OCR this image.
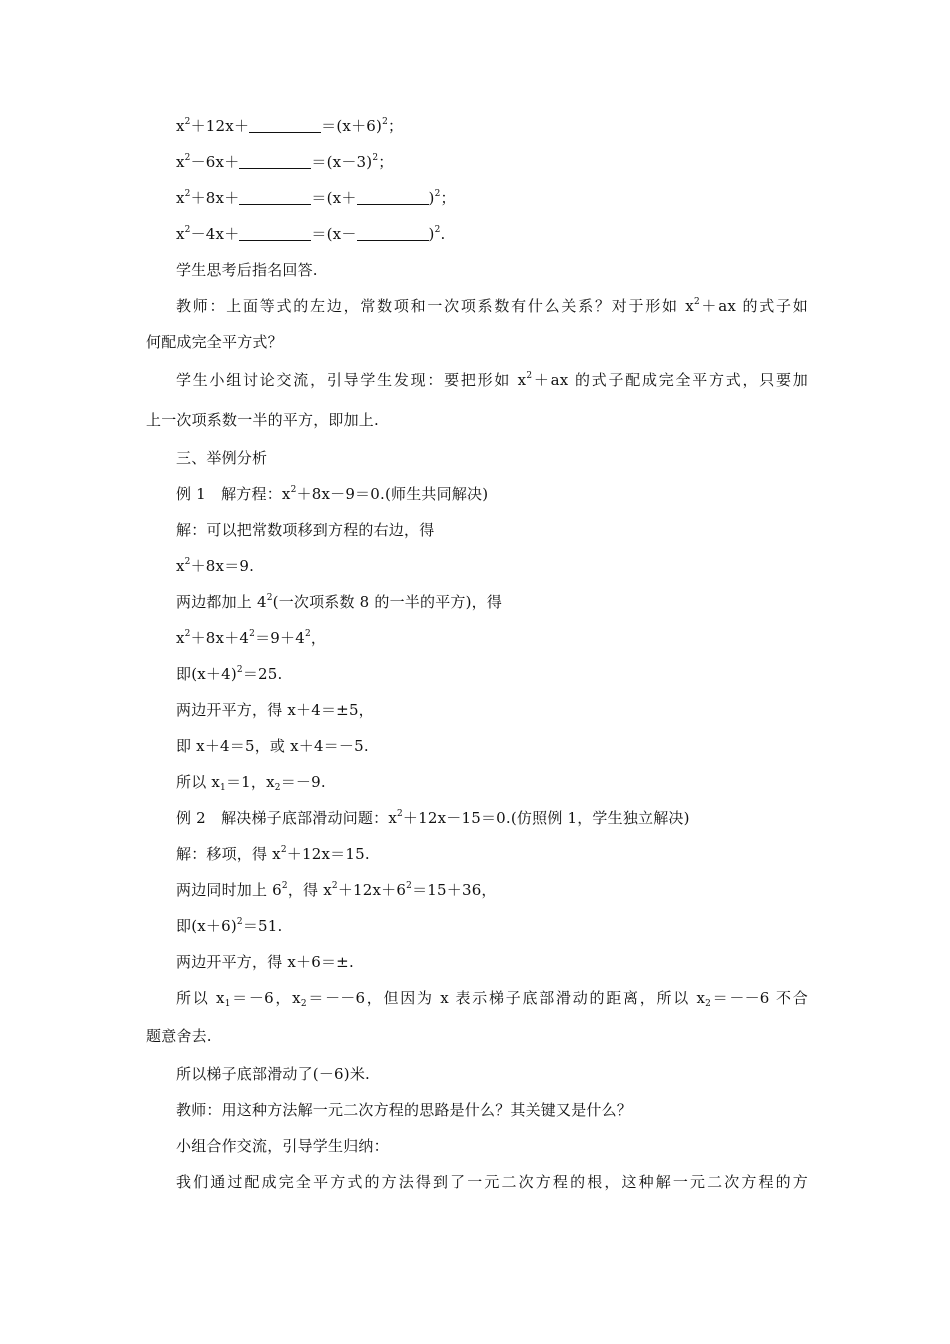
$x^2+12x+$	$=(x+6)^2$；
$x^2-6x+$	$=(x-3)^2$；
$x^2+8x+$	＝(x＋	)$^2$；
$x^2-4x+$	＝(x－	)$^2$.
学生思考后指名回答.
教师：上面等式的左边，常数项和一次项系数有什么关系？对于形如 $x^2+ax$ 的式子如
何配成完全平方式？
学生小组讨论交流，引导学生发现：要把形如 $x^2+ax$ 的式子配成完全平方式，只要加
上一次项系数一半的平方，即加上.
三、举例分析
例 1　解方程：$x^2+8x-9=0$.(师生共同解决)
解：可以把常数项移到方程的右边，得
$x^2+8x=9$.
两边都加上 $4^2$(一次项系数 8 的一半的平方)，得
$x^2+8x+4^2=9+4^2$，
即$(x+4)^2=25$.
两边开平方，得 x＋4＝±5，
即 x＋4＝5，或 x＋4＝－5.
所以 $x_1=1$，$x_2=-9$.
例 2　解决梯子底部滑动问题：$x^2+12x-15=0$.(仿照例 1，学生独立解决)
解：移项，得 $x^2+12x=15$.
两边同时加上 $6^2$，得 $x^2+12x+6^2=15+36$，
即$(x+6)^2=51$.
两边开平方，得 x＋6＝±.
所以 $x_1=-6$，$x_2=--6$，但因为 x 表示梯子底部滑动的距离，所以 $x_2=--6$ 不合
题意舍去.
所以梯子底部滑动了(－6)米.
教师：用这种方法解一元二次方程的思路是什么？其关键又是什么？
小组合作交流，引导学生归纳：
我们通过配成完全平方式的方法得到了一元二次方程的根，这种解一元二次方程的方
